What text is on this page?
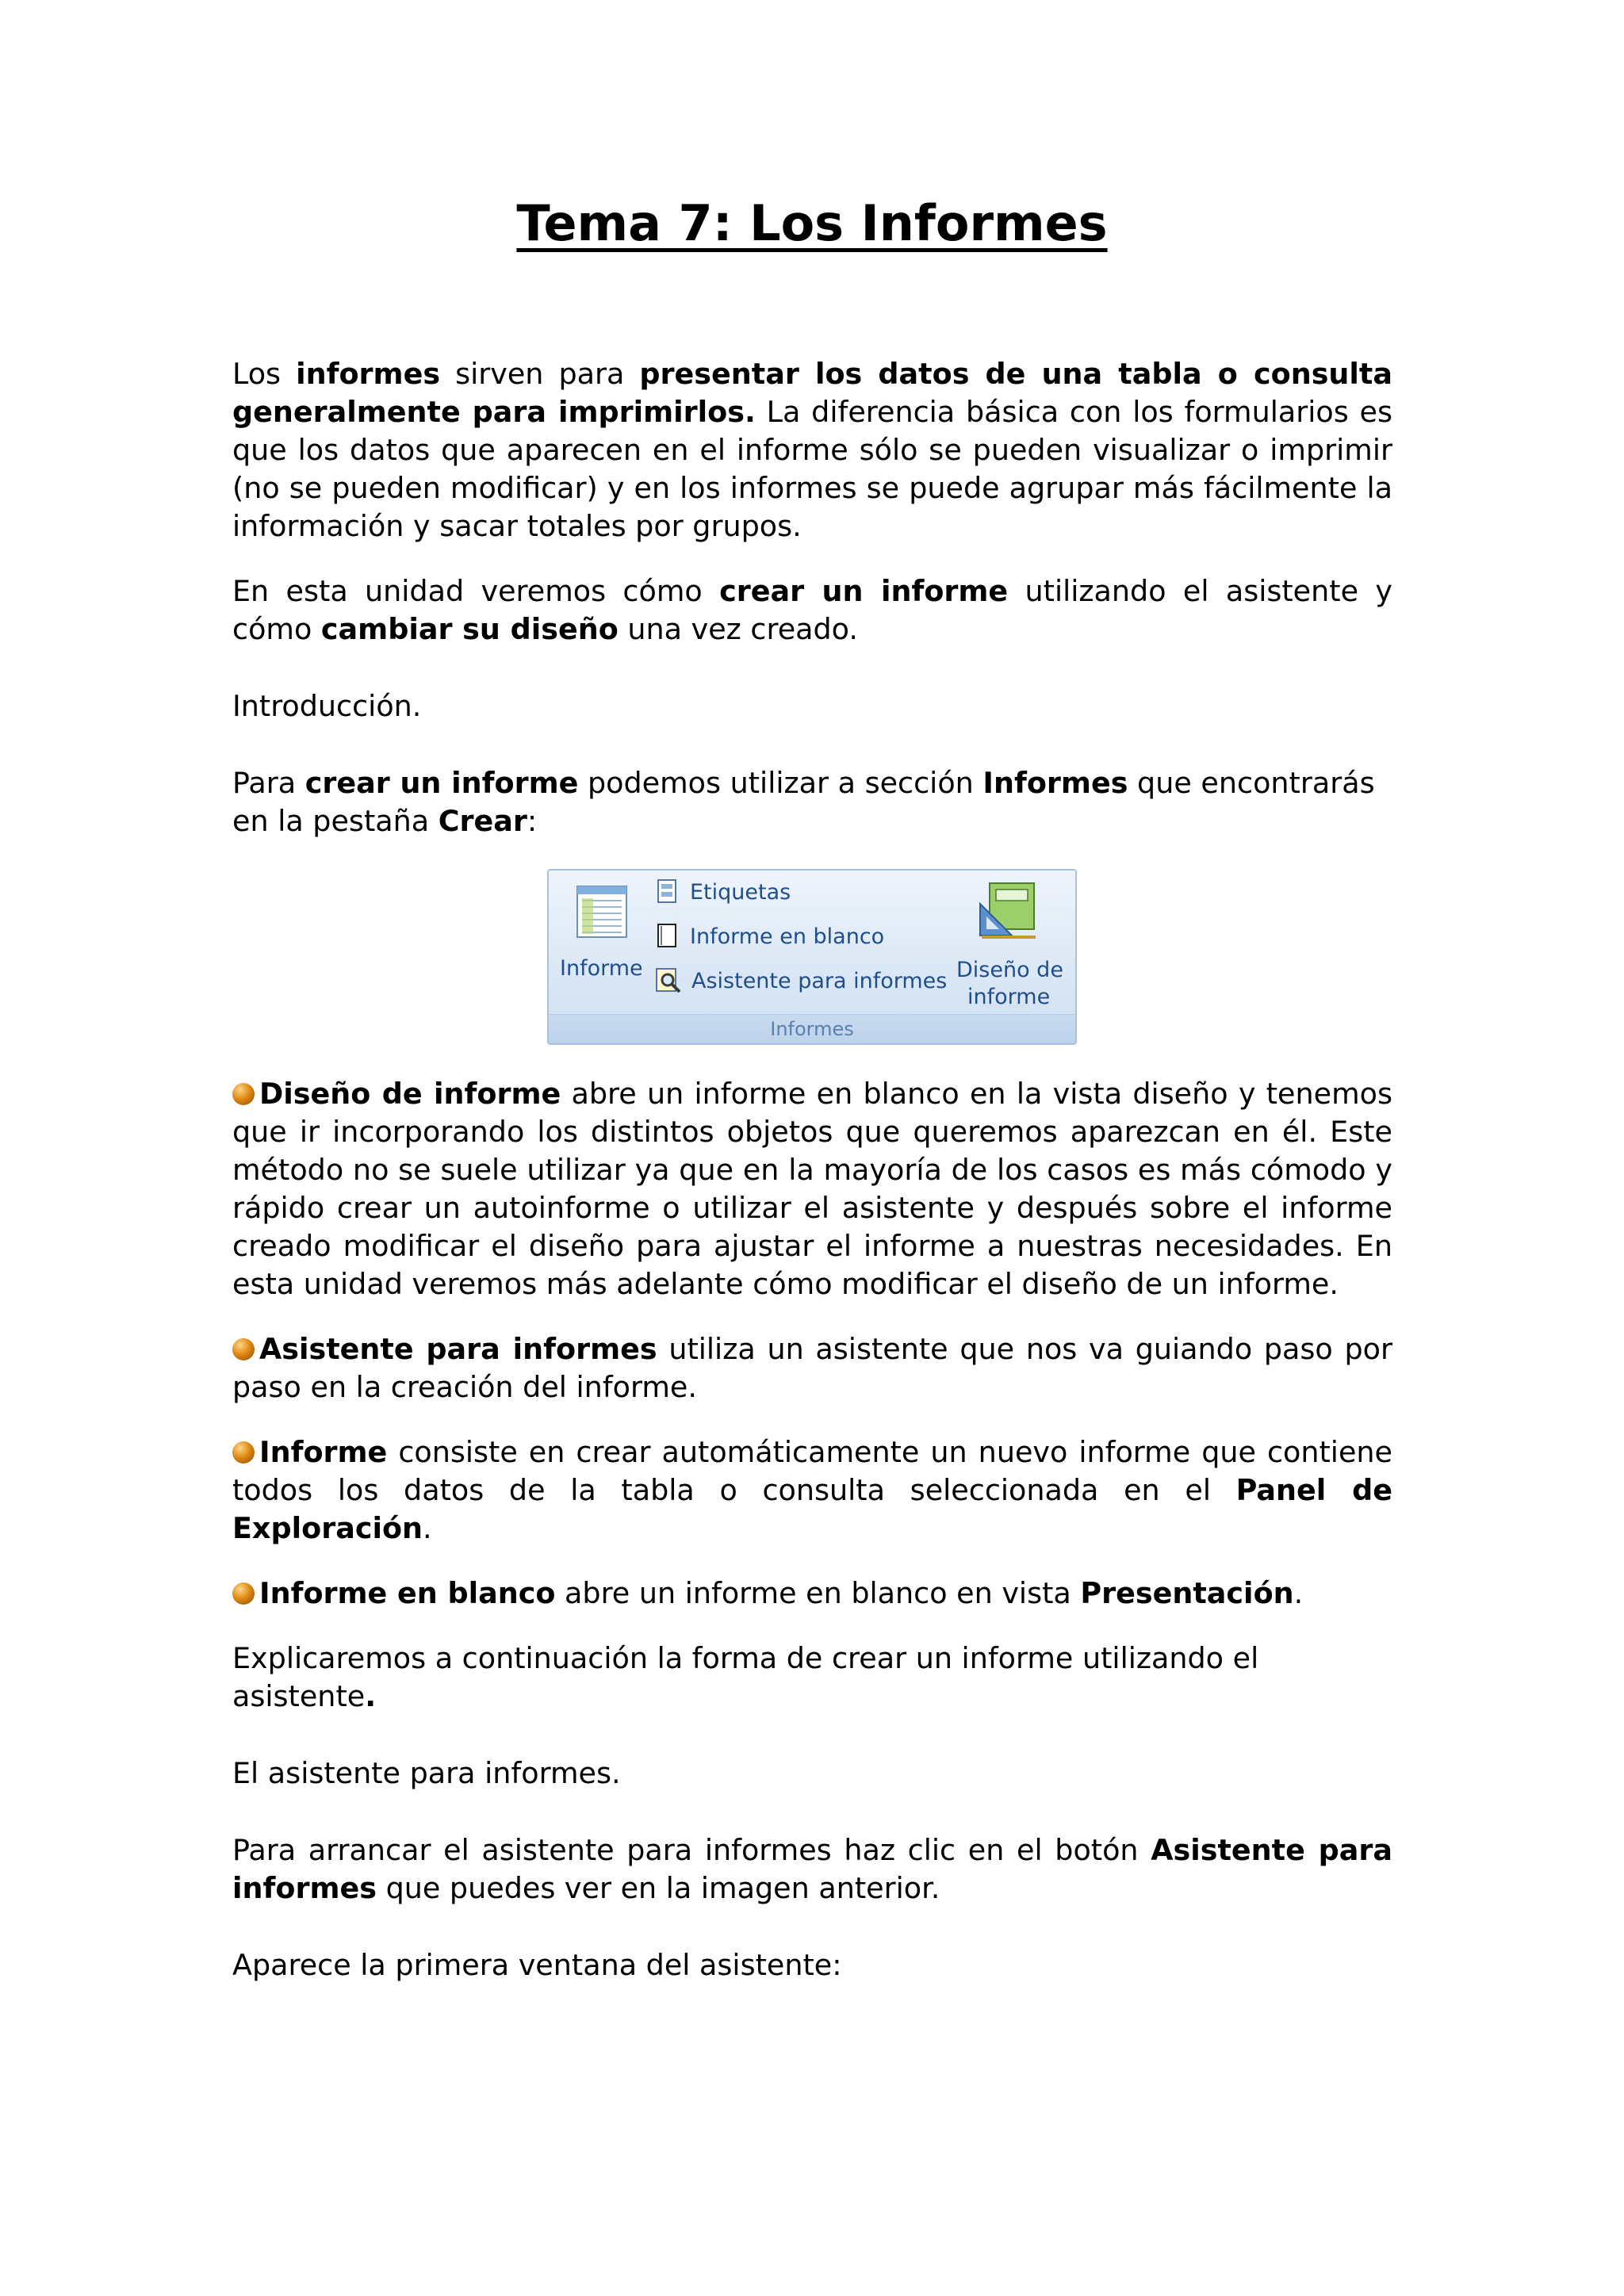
Tema 7: Los Informes

Los informes sirven para presentar los datos de una tabla o consulta generalmente para imprimirlos. La diferencia básica con los formularios es que los datos que aparecen en el informe sólo se pueden visualizar o imprimir (no se pueden modificar) y en los informes se puede agrupar más fácilmente la información y sacar totales por grupos.

En esta unidad veremos cómo crear un informe utilizando el asistente y cómo cambiar su diseño una vez creado.

Introducción.

Para crear un informe podemos utilizar a sección Informes que encontrarás en la pestaña Crear:

Informe
Etiquetas
Informe en blanco
Asistente para informes Diseño de
informe
Informes

Diseño de informe abre un informe en blanco en la vista diseño y tenemos que ir incorporando los distintos objetos que queremos aparezcan en él. Este método no se suele utilizar ya que en la mayoría de los casos es más cómodo y rápido crear un autoinforme o utilizar el asistente y después sobre el informe creado modificar el diseño para ajustar el informe a nuestras necesidades. En esta unidad veremos más adelante cómo modificar el diseño de un informe.

Asistente para informes utiliza un asistente que nos va guiando paso por paso en la creación del informe.

Informe consiste en crear automáticamente un nuevo informe que contiene todos los datos de la tabla o consulta seleccionada en el Panel de Exploración.

Informe en blanco abre un informe en blanco en vista Presentación.

Explicaremos a continuación la forma de crear un informe utilizando el asistente.

El asistente para informes.

Para arrancar el asistente para informes haz clic en el botón Asistente para informes que puedes ver en la imagen anterior.

Aparece la primera ventana del asistente:
